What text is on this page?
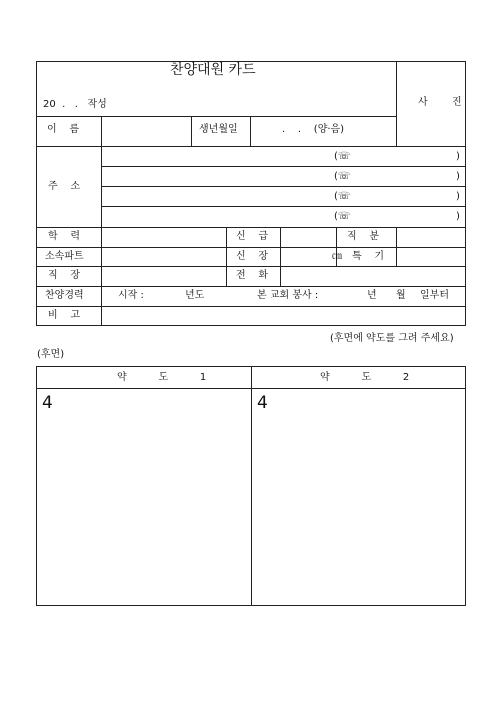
찬양대원 카드
20  .   .   작성	사  진
이    름	생년월일	.    .    (양·음)
주    소
(☏	)
(☏	)
(☏	)
(☏	)
학    력	신    급	직    분
소속파트	신    장	㎝ 특    기
직    장	전    화
찬양경력	시작 :	년도	본 교회 봉사 :	년 월 일부터
비    고
(후면에 약도를 그려 주세요)
(후면)
약          도          1	약          도          2
4	4
